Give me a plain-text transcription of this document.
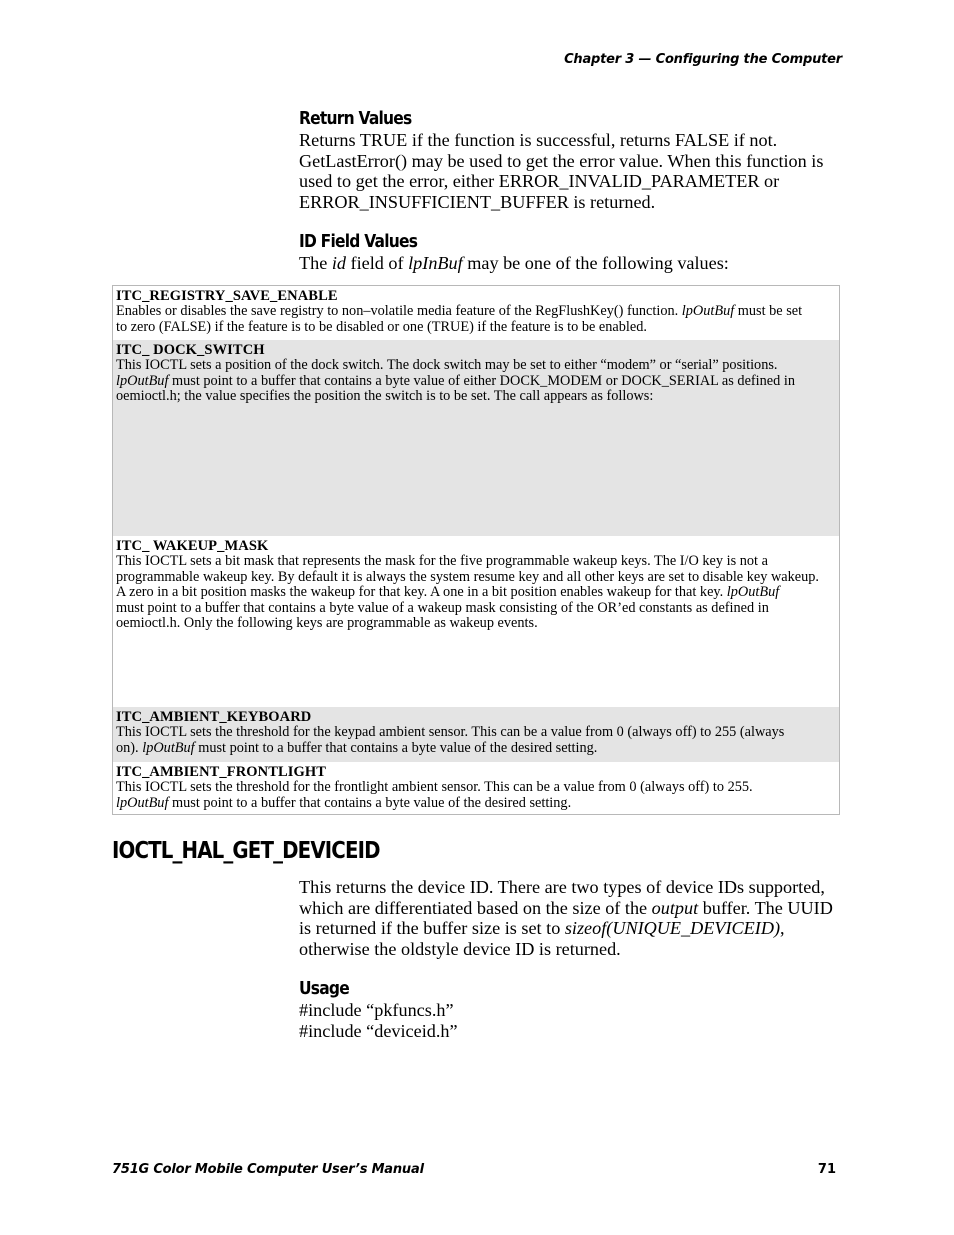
Chapter 3 — Configuring the Computer
Return Values

Returns TRUE if the function is successful, returns FALSE if not.
GetLastError() may be used to get the error value. When this function is
used to get the error, either ERROR_INVALID_PARAMETER or
ERROR_INSUFFICIENT_BUFFER is returned.

ID Field Values

The id field of lpInBuf may be one of the following values:

ITC_REGISTRY_SAVE_ENABLE
Enables or disables the save registry to non–volatile media feature of the RegFlushKey() function. lpOutBuf must be set
to zero (FALSE) if the feature is to be disabled or one (TRUE) if the feature is to be enabled.
ITC_ DOCK_SWITCH
This IOCTL sets a position of the dock switch. The dock switch may be set to either “modem” or “serial” positions.
lpOutBuf must point to a buffer that contains a byte value of either DOCK_MODEM or DOCK_SERIAL as defined in
oemioctl.h; the value specifies the position the switch is to be set. The call appears as follows:
ITC_ WAKEUP_MASK
This IOCTL sets a bit mask that represents the mask for the five programmable wakeup keys. The I/O key is not a
programmable wakeup key. By default it is always the system resume key and all other keys are set to disable key wakeup.
A zero in a bit position masks the wakeup for that key. A one in a bit position enables wakeup for that key. lpOutBuf
must point to a buffer that contains a byte value of a wakeup mask consisting of the OR’ed constants as defined in
oemioctl.h. Only the following keys are programmable as wakeup events.
ITC_AMBIENT_KEYBOARD
This IOCTL sets the threshold for the keypad ambient sensor. This can be a value from 0 (always off) to 255 (always
on). lpOutBuf must point to a buffer that contains a byte value of the desired setting.
ITC_AMBIENT_FRONTLIGHT
This IOCTL sets the threshold for the frontlight ambient sensor. This can be a value from 0 (always off) to 255.
lpOutBuf must point to a buffer that contains a byte value of the desired setting.
IOCTL_HAL_GET_DEVICEID

This returns the device ID. There are two types of device IDs supported,
which are differentiated based on the size of the output buffer. The UUID
is returned if the buffer size is set to sizeof(UNIQUE_DEVICEID),
otherwise the oldstyle device ID is returned.

Usage

#include “pkfuncs.h”
#include “deviceid.h”

751G Color Mobile Computer User’s Manual	71
